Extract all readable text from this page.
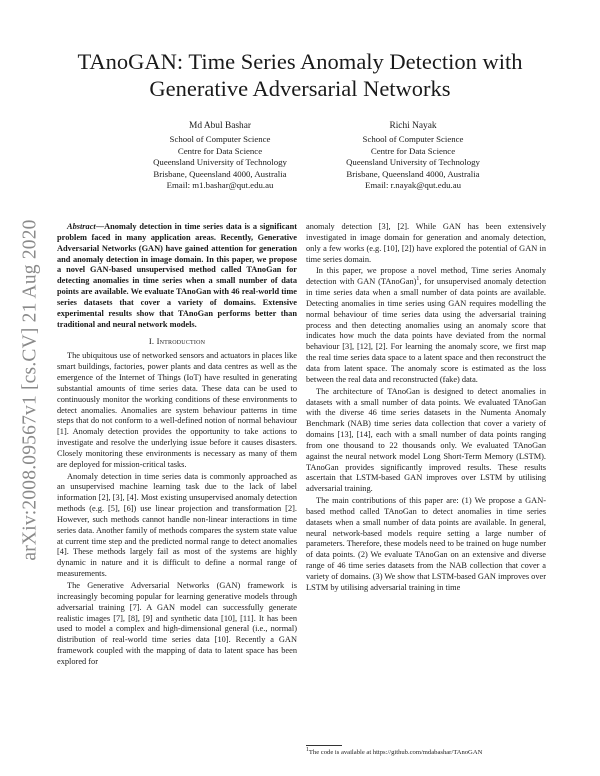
arXiv:2008.09567v1 [cs.CV] 21 Aug 2020
TAnoGAN: Time Series Anomaly Detection with
Generative Adversarial Networks
Md Abul Bashar
School of Computer Science
Centre for Data Science
Queensland University of Technology
Brisbane, Queensland 4000, Australia
Email: m1.bashar@qut.edu.au
Richi Nayak
School of Computer Science
Centre for Data Science
Queensland University of Technology
Brisbane, Queensland 4000, Australia
Email: r.nayak@qut.edu.au

Abstract—Anomaly detection in time series data is a significant problem faced in many application areas. Recently, Generative Adversarial Networks (GAN) have gained attention for generation and anomaly detection in image domain. In this paper, we propose a novel GAN-based unsupervised method called TAnoGan for detecting anomalies in time series when a small number of data points are available. We evaluate TAnoGan with 46 real-world time series datasets that cover a variety of domains. Extensive experimental results show that TAnoGan performs better than traditional and neural network models.

I. Introduction

The ubiquitous use of networked sensors and actuators in places like smart buildings, factories, power plants and data centres as well as the emergence of the Internet of Things (IoT) have resulted in generating substantial amounts of time series data. These data can be used to continuously monitor the working conditions of these environments to detect anomalies. Anomalies are system behaviour patterns in time steps that do not conform to a well-defined notion of normal behaviour [1]. Anomaly detection provides the opportunity to take actions to investigate and resolve the underlying issue before it causes disasters. Closely monitoring these environments is necessary as many of them are deployed for mission-critical tasks.

Anomaly detection in time series data is commonly approached as an unsupervised machine learning task due to the lack of label information [2], [3], [4]. Most existing unsupervised anomaly detection methods (e.g. [5], [6]) use linear projection and transformation [2]. However, such methods cannot handle non-linear interactions in time series data. Another family of methods compares the system state value at current time step and the predicted normal range to detect anomalies [4]. These methods largely fail as most of the systems are highly dynamic in nature and it is difficult to define a normal range of measurements.

The Generative Adversarial Networks (GAN) framework is increasingly becoming popular for learning generative models through adversarial training [7]. A GAN model can successfully generate realistic images [7], [8], [9] and synthetic data [10], [11]. It has been used to model a complex and high-dimensional general (i.e., normal) distribution of real-world time series data [10]. Recently a GAN framework coupled with the mapping of data to latent space has been explored for

anomaly detection [3], [2]. While GAN has been extensively investigated in image domain for generation and anomaly detection, only a few works (e.g. [10], [2]) have explored the potential of GAN in time series domain.

In this paper, we propose a novel method, Time series Anomaly detection with GAN (TAnoGan)$^1$, for unsupervised anomaly detection in time series data when a small number of data points are available. Detecting anomalies in time series using GAN requires modelling the normal behaviour of time series data using the adversarial training process and then detecting anomalies using an anomaly score that indicates how much the data points have deviated from the normal behaviour [3], [12], [2]. For learning the anomaly score, we first map the real time series data space to a latent space and then reconstruct the data from latent space. The anomaly score is estimated as the loss between the real data and reconstructed (fake) data.

The architecture of TAnoGan is designed to detect anomalies in datasets with a small number of data points. We evaluated TAnoGan with the diverse 46 time series datasets in the Numenta Anomaly Benchmark (NAB) time series data collection that cover a variety of domains [13], [14], each with a small number of data points ranging from one thousand to 22 thousands only. We evaluated TAnoGan against the neural network model Long Short-Term Memory (LSTM). TAnoGan provides significantly improved results. These results ascertain that LSTM-based GAN improves over LSTM by utilising adversarial training.

The main contributions of this paper are: (1) We propose a GAN-based method called TAnoGan to detect anomalies in time series datasets when a small number of data points are available. In general, neural network-based models require setting a large number of parameters. Therefore, these models need to be trained on huge number of data points. (2) We evaluate TAnoGan on an extensive and diverse range of 46 time series datasets from the NAB collection that cover a variety of domains. (3) We show that LSTM-based GAN improves over LSTM by utilising adversarial training in time

1The code is available at https://github.com/mdabashar/TAnoGAN
